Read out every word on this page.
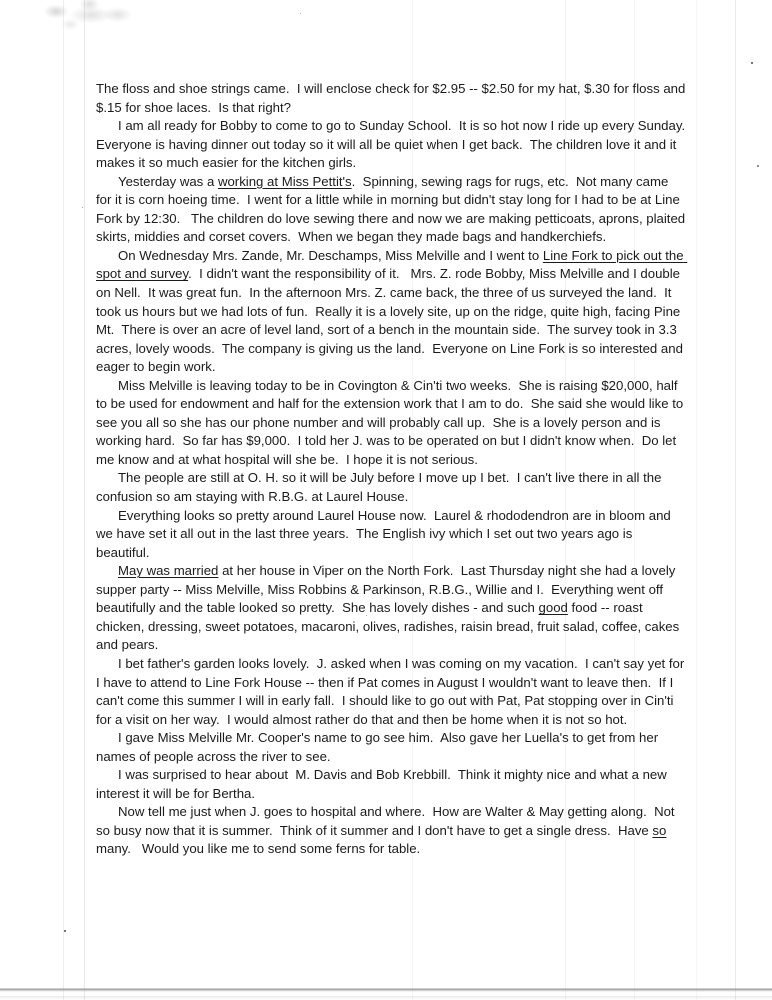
The floss and shoe strings came.  I will enclose check for $2.95 -- $2.50 for my hat, $.30 for floss and $.15 for shoe laces.  Is that right?

I am all ready for Bobby to come to go to Sunday School.  It is so hot now I ride up every Sunday.  Everyone is having dinner out today so it will all be quiet when I get back.  The children love it and it makes it so much easier for the kitchen girls.

Yesterday was a working at Miss Pettit's.  Spinning, sewing rags for rugs, etc.  Not many came for it is corn hoeing time.  I went for a little while in morning but didn't stay long for I had to be at Line Fork by 12:30.   The children do love sewing there and now we are making petticoats, aprons, plaited skirts, middies and corset covers.  When we began they made bags and handkerchiefs.

On Wednesday Mrs. Zande, Mr. Deschamps, Miss Melville and I went to Line Fork to pick out the spot and survey.  I didn't want the responsibility of it.   Mrs. Z. rode Bobby, Miss Melville and I double on Nell.  It was great fun.  In the afternoon Mrs. Z. came back, the three of us surveyed the land.  It took us hours but we had lots of fun.  Really it is a lovely site, up on the ridge, quite high, facing Pine Mt.  There is over an acre of level land, sort of a bench in the mountain side.  The survey took in 3.3 acres, lovely woods.  The company is giving us the land.  Everyone on Line Fork is so interested and eager to begin work.

Miss Melville is leaving today to be in Covington & Cin'ti two weeks.  She is raising $20,000, half to be used for endowment and half for the extension work that I am to do.  She said she would like to see you all so she has our phone number and will probably call up.  She is a lovely person and is working hard.  So far has $9,000.  I told her J. was to be operated on but I didn't know when.  Do let me know and at what hospital will she be.  I hope it is not serious.

The people are still at O. H. so it will be July before I move up I bet.  I can't live there in all the confusion so am staying with R.B.G. at Laurel House.

Everything looks so pretty around Laurel House now.  Laurel & rhododendron are in bloom and we have set it all out in the last three years.  The English ivy which I set out two years ago is beautiful.

May was married at her house in Viper on the North Fork.  Last Thursday night she had a lovely supper party -- Miss Melville, Miss Robbins & Parkinson, R.B.G., Willie and I.  Everything went off beautifully and the table looked so pretty.  She has lovely dishes - and such good food -- roast chicken, dressing, sweet potatoes, macaroni, olives, radishes, raisin bread, fruit salad, coffee, cakes and pears.

I bet father's garden looks lovely.  J. asked when I was coming on my vacation.  I can't say yet for I have to attend to Line Fork House -- then if Pat comes in August I wouldn't want to leave then.  If I can't come this summer I will in early fall.  I should like to go out with Pat, Pat stopping over in Cin'ti for a visit on her way.  I would almost rather do that and then be home when it is not so hot.

I gave Miss Melville Mr. Cooper's name to go see him.  Also gave her Luella's to get from her names of people across the river to see.

I was surprised to hear about  M. Davis and Bob Krebbill.  Think it mighty nice and what a new interest it will be for Bertha.

Now tell me just when J. goes to hospital and where.  How are Walter & May getting along.  Not so busy now that it is summer.  Think of it summer and I don't have to get a single dress.  Have so many.   Would you like me to send some ferns for table.
